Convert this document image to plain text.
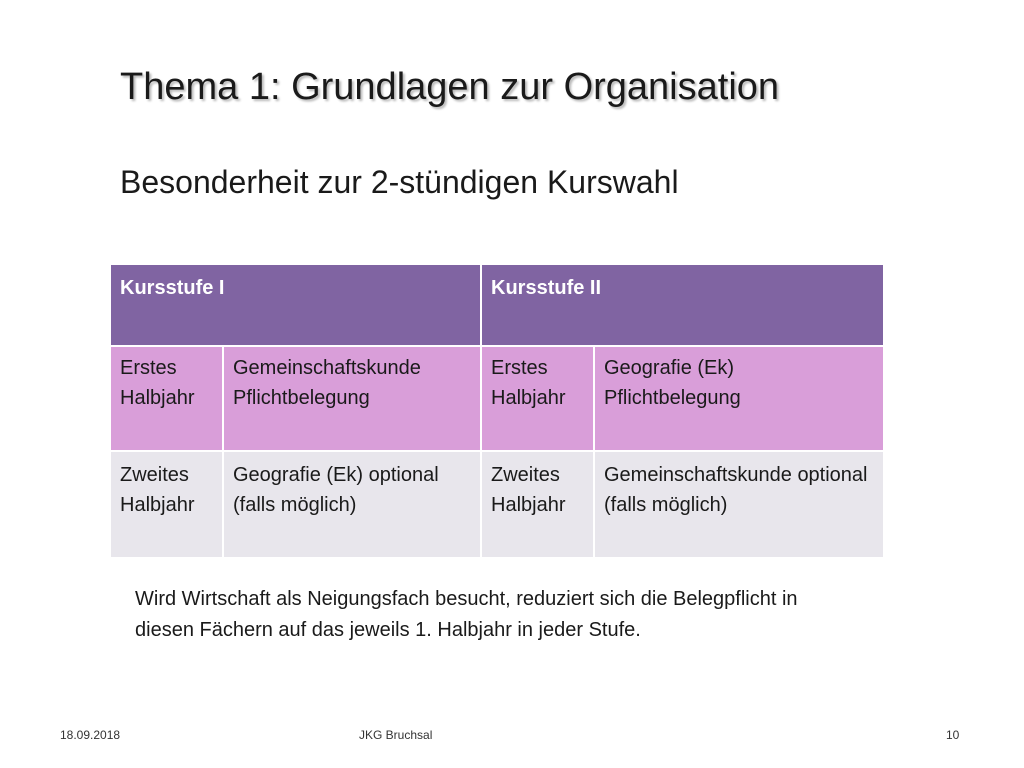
Thema 1: Grundlagen zur Organisation
Besonderheit zur 2-stündigen Kurswahl
Kursstufe I		Kursstufe II	
Erstes Halbjahr	Gemeinschaftskunde Pflichtbelegung	Erstes Halbjahr	Geografie (Ek) Pflichtbelegung
Zweites Halbjahr	Geografie (Ek) optional (falls möglich)	Zweites Halbjahr	Gemeinschaftskunde optional (falls möglich)
Wird Wirtschaft als Neigungsfach besucht, reduziert sich die Belegpflicht in diesen Fächern auf das jeweils 1. Halbjahr in jeder Stufe.
18.09.2018	JKG Bruchsal	10
